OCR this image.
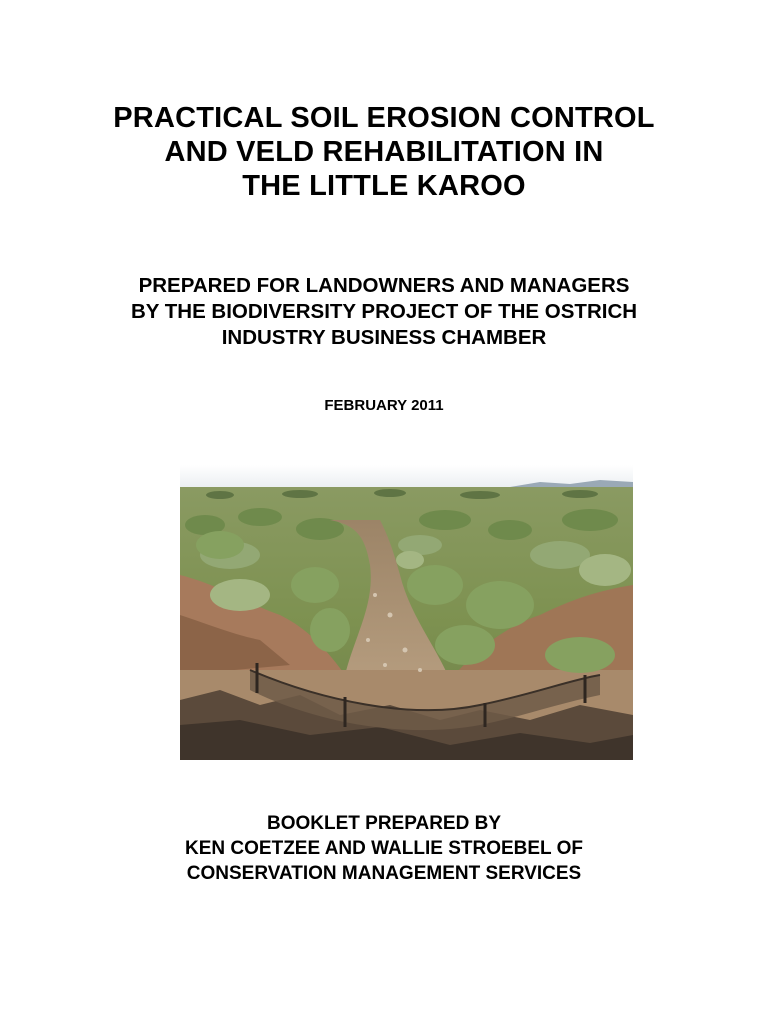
PRACTICAL SOIL EROSION CONTROL
AND VELD REHABILITATION IN
THE LITTLE KAROO
PREPARED FOR LANDOWNERS AND MANAGERS
BY THE BIODIVERSITY PROJECT OF THE OSTRICH
INDUSTRY BUSINESS CHAMBER
FEBRUARY 2011
BOOKLET PREPARED BY
KEN COETZEE AND WALLIE STROEBEL OF
CONSERVATION MANAGEMENT SERVICES
